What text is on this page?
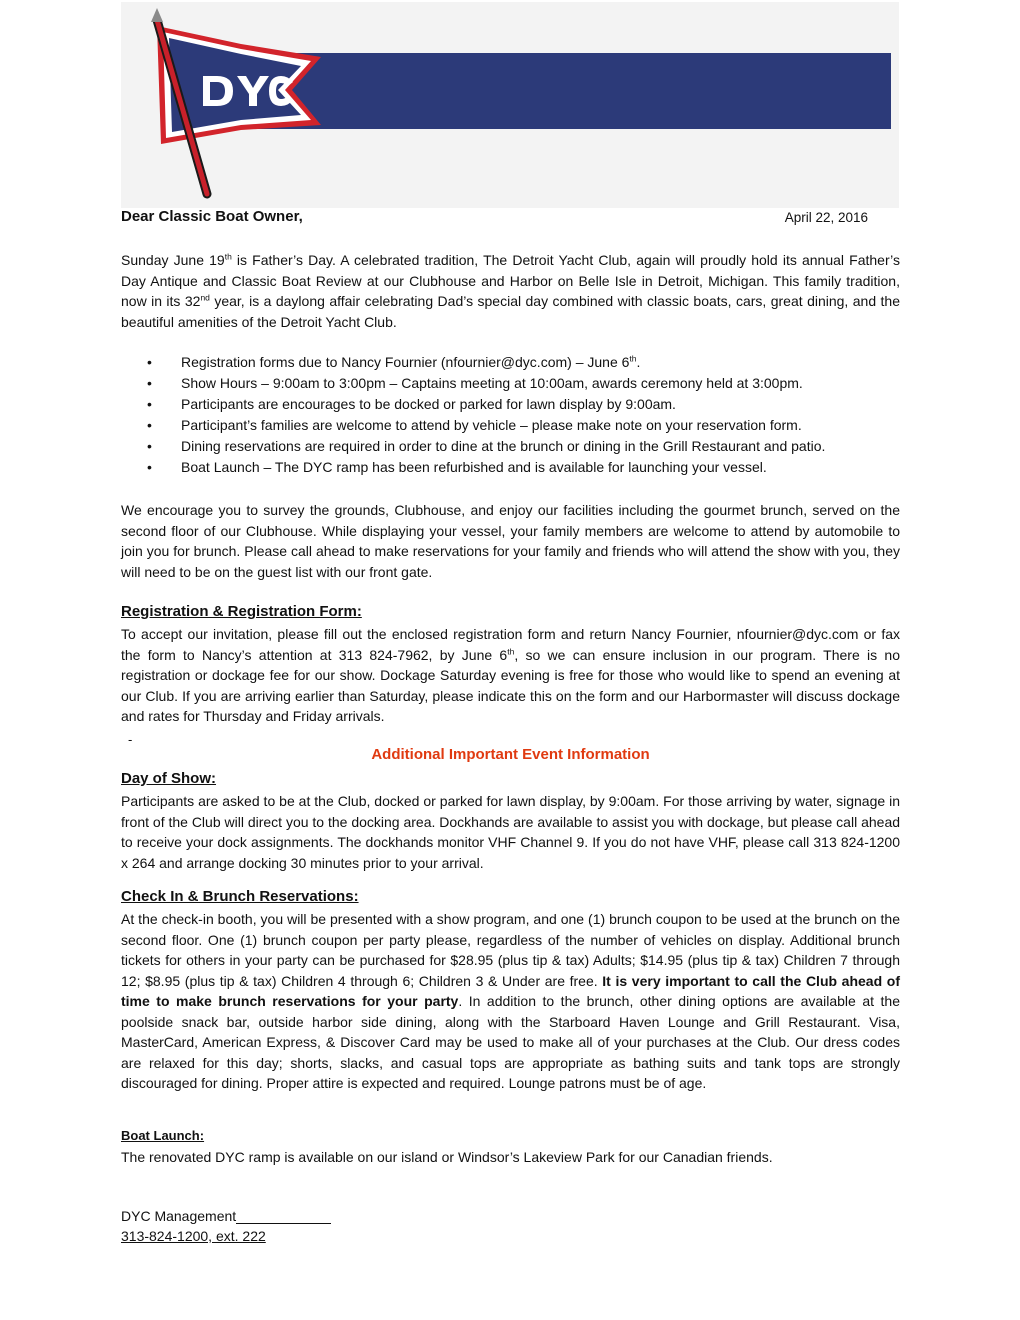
Dear Classic Boat Owner,	April 22, 2016

Sunday June 19th is Father’s Day. A celebrated tradition, The Detroit Yacht Club, again will proudly hold its annual Father’s Day Antique and Classic Boat Review at our Clubhouse and Harbor on Belle Isle in Detroit, Michigan. This family tradition, now in its 32nd year, is a daylong affair celebrating Dad’s special day combined with classic boats, cars, great dining, and the beautiful amenities of the Detroit Yacht Club.

• Registration forms due to Nancy Fournier (nfournier@dyc.com) – June 6th.
• Show Hours – 9:00am to 3:00pm – Captains meeting at 10:00am, awards ceremony held at 3:00pm.
• Participants are encourages to be docked or parked for lawn display by 9:00am.
• Participant’s families are welcome to attend by vehicle – please make note on your reservation form.
• Dining reservations are required in order to dine at the brunch or dining in the Grill Restaurant and patio.
• Boat Launch – The DYC ramp has been refurbished and is available for launching your vessel.

We encourage you to survey the grounds, Clubhouse, and enjoy our facilities including the gourmet brunch, served on the second floor of our Clubhouse. While displaying your vessel, your family members are welcome to attend by automobile to join you for brunch. Please call ahead to make reservations for your family and friends who will attend the show with you, they will need to be on the guest list with our front gate.

Registration & Registration Form:

To accept our invitation, please fill out the enclosed registration form and return Nancy Fournier, nfournier@dyc.com or fax the form to Nancy’s attention at 313 824-7962, by June 6th, so we can ensure inclusion in our program. There is no registration or dockage fee for our show. Dockage Saturday evening is free for those who would like to spend an evening at our Club. If you are arriving earlier than Saturday, please indicate this on the form and our Harbormaster will discuss dockage and rates for Thursday and Friday arrivals.

-
Additional Important Event Information
Day of Show:

Participants are asked to be at the Club, docked or parked for lawn display, by 9:00am. For those arriving by water, signage in front of the Club will direct you to the docking area. Dockhands are available to assist you with dockage, but please call ahead to receive your dock assignments. The dockhands monitor VHF Channel 9. If you do not have VHF, please call 313 824-1200 x 264 and arrange docking 30 minutes prior to your arrival.

Check In & Brunch Reservations:

At the check-in booth, you will be presented with a show program, and one (1) brunch coupon to be used at the brunch on the second floor. One (1) brunch coupon per party please, regardless of the number of vehicles on display. Additional brunch tickets for others in your party can be purchased for $28.95 (plus tip & tax) Adults; $14.95 (plus tip & tax) Children 7 through 12; $8.95 (plus tip & tax) Children 4 through 6; Children 3 & Under are free. It is very important to call the Club ahead of time to make brunch reservations for your party. In addition to the brunch, other dining options are available at the poolside snack bar, outside harbor side dining, along with the Starboard Haven Lounge and Grill Restaurant. Visa, MasterCard, American Express, & Discover Card may be used to make all of your purchases at the Club. Our dress codes are relaxed for this day; shorts, slacks, and casual tops are appropriate as bathing suits and tank tops are strongly discouraged for dining. Proper attire is expected and required. Lounge patrons must be of age.

Boat Launch:

The renovated DYC ramp is available on our island or Windsor’s Lakeview Park for our Canadian friends.

DYC Management
313-824-1200, ext. 222
